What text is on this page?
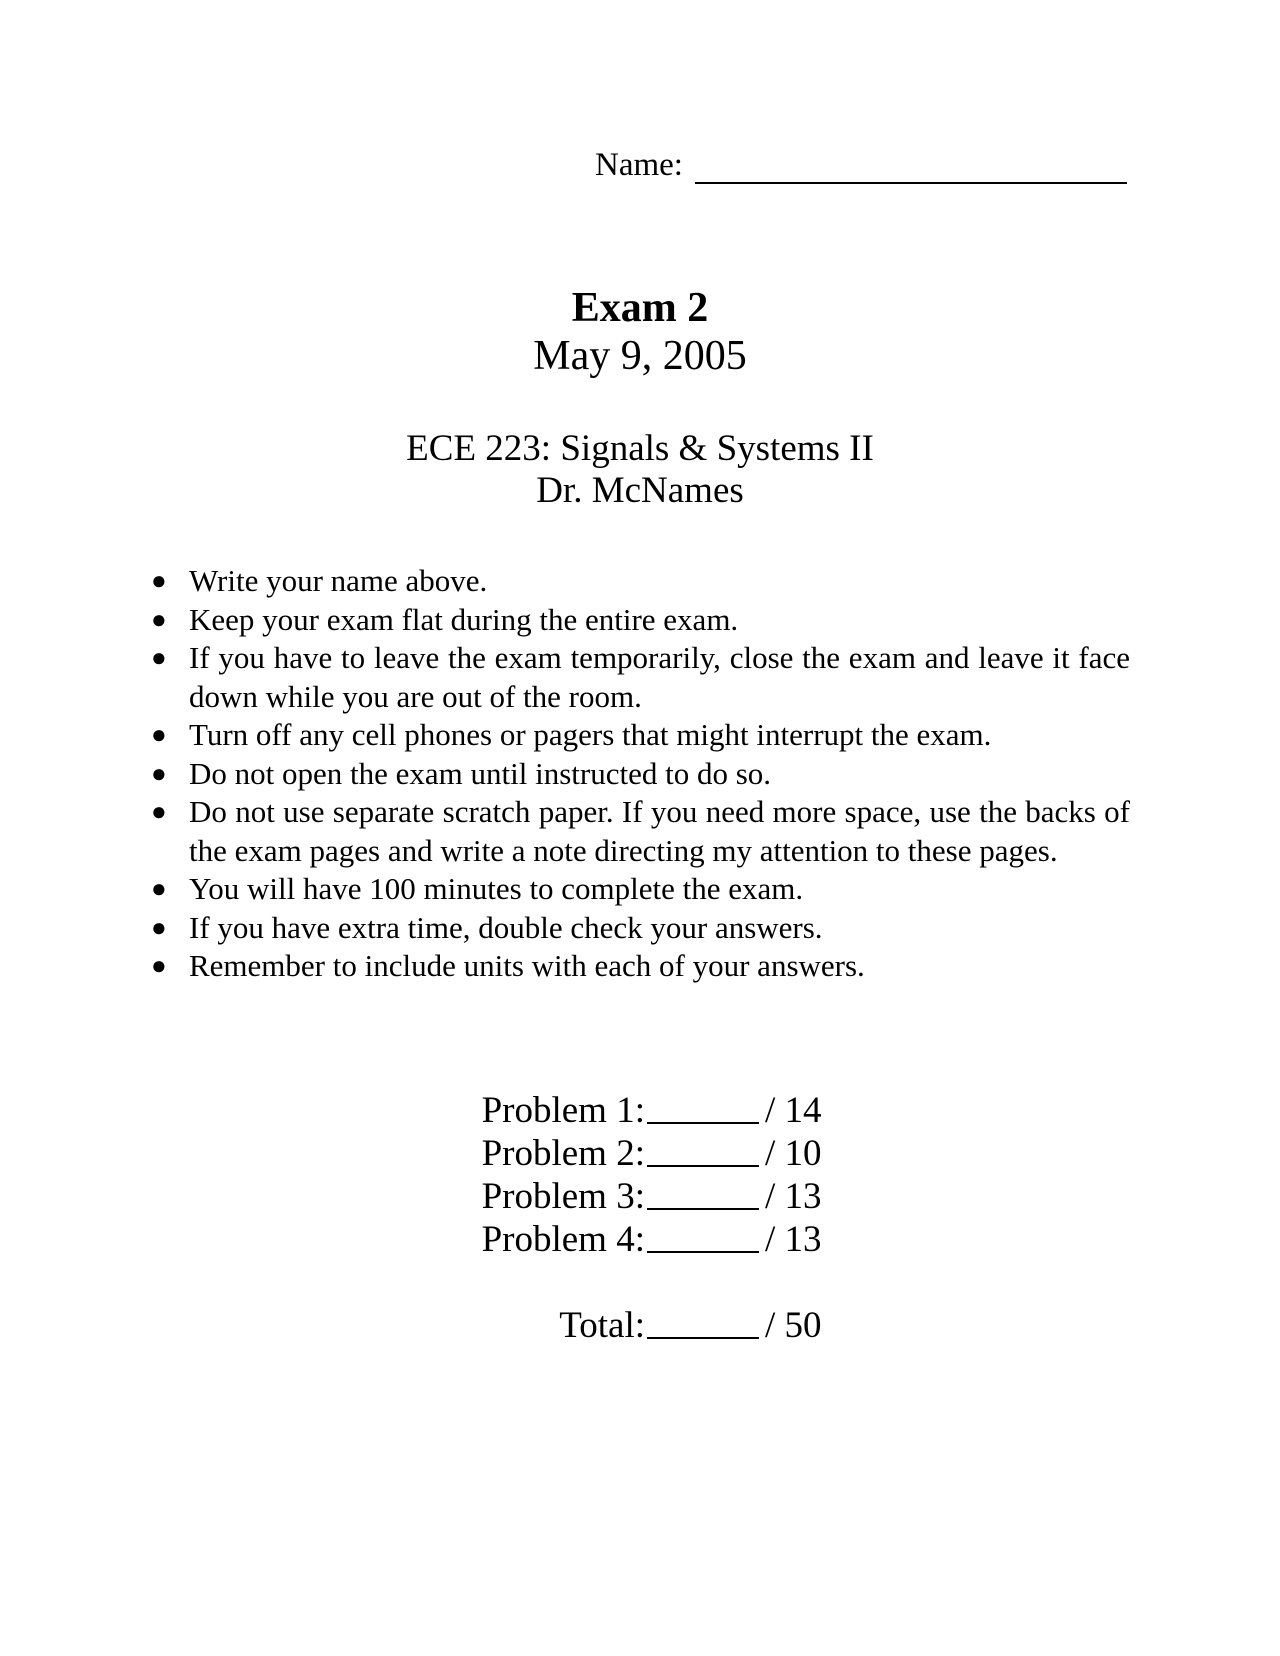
Name:
Exam 2
May 9, 2005
ECE 223: Signals & Systems II
Dr. McNames
● Write your name above.
● Keep your exam flat during the entire exam.
● If you have to leave the exam temporarily, close the exam and leave it face down while you are out of the room.
● Turn off any cell phones or pagers that might interrupt the exam.
● Do not open the exam until instructed to do so.
● Do not use separate scratch paper. If you need more space, use the backs of the exam pages and write a note directing my attention to these pages.
● You will have 100 minutes to complete the exam.
● If you have extra time, double check your answers.
● Remember to include units with each of your answers.
Problem 1:	/ 14
Problem 2:	/ 10
Problem 3:	/ 13
Problem 4:	/ 13
Total:	/ 50
